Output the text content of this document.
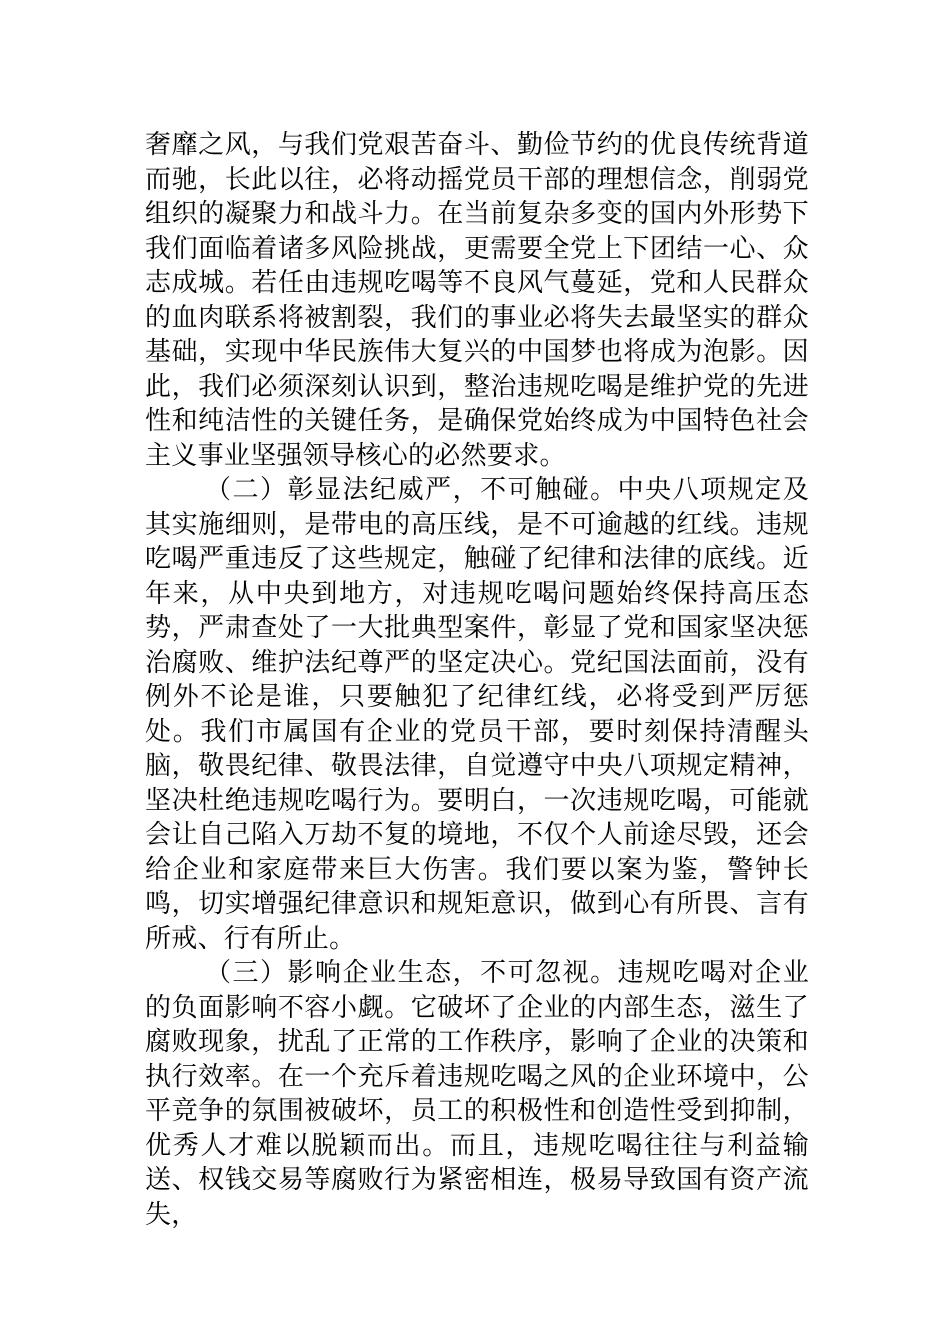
奢靡之风，与我们党艰苦奋斗、勤俭节约的优良传统背道而驰，长此以往，必将动摇党员干部的理想信念，削弱党组织的凝聚力和战斗力。在当前复杂多变的国内外形势下我们面临着诸多风险挑战，更需要全党上下团结一心、众志成城。若任由违规吃喝等不良风气蔓延，党和人民群众的血肉联系将被割裂，我们的事业必将失去最坚实的群众基础，实现中华民族伟大复兴的中国梦也将成为泡影。因此，我们必须深刻认识到，整治违规吃喝是维护党的先进性和纯洁性的关键任务，是确保党始终成为中国特色社会主义事业坚强领导核心的必然要求。

（二）彰显法纪威严，不可触碰。中央八项规定及其实施细则，是带电的高压线，是不可逾越的红线。违规吃喝严重违反了这些规定，触碰了纪律和法律的底线。近年来，从中央到地方，对违规吃喝问题始终保持高压态势，严肃查处了一大批典型案件，彰显了党和国家坚决惩治腐败、维护法纪尊严的坚定决心。党纪国法面前，没有例外不论是谁，只要触犯了纪律红线，必将受到严厉惩处。我们市属国有企业的党员干部，要时刻保持清醒头脑，敬畏纪律、敬畏法律，自觉遵守中央八项规定精神，坚决杜绝违规吃喝行为。要明白，一次违规吃喝，可能就会让自己陷入万劫不复的境地，不仅个人前途尽毁，还会给企业和家庭带来巨大伤害。我们要以案为鉴，警钟长鸣，切实增强纪律意识和规矩意识，做到心有所畏、言有所戒、行有所止。

（三）影响企业生态，不可忽视。违规吃喝对企业的负面影响不容小觑。它破坏了企业的内部生态，滋生了腐败现象，扰乱了正常的工作秩序，影响了企业的决策和执行效率。在一个充斥着违规吃喝之风的企业环境中，公平竞争的氛围被破坏，员工的积极性和创造性受到抑制，优秀人才难以脱颖而出。而且，违规吃喝往往与利益输送、权钱交易等腐败行为紧密相连，极易导致国有资产流失，
